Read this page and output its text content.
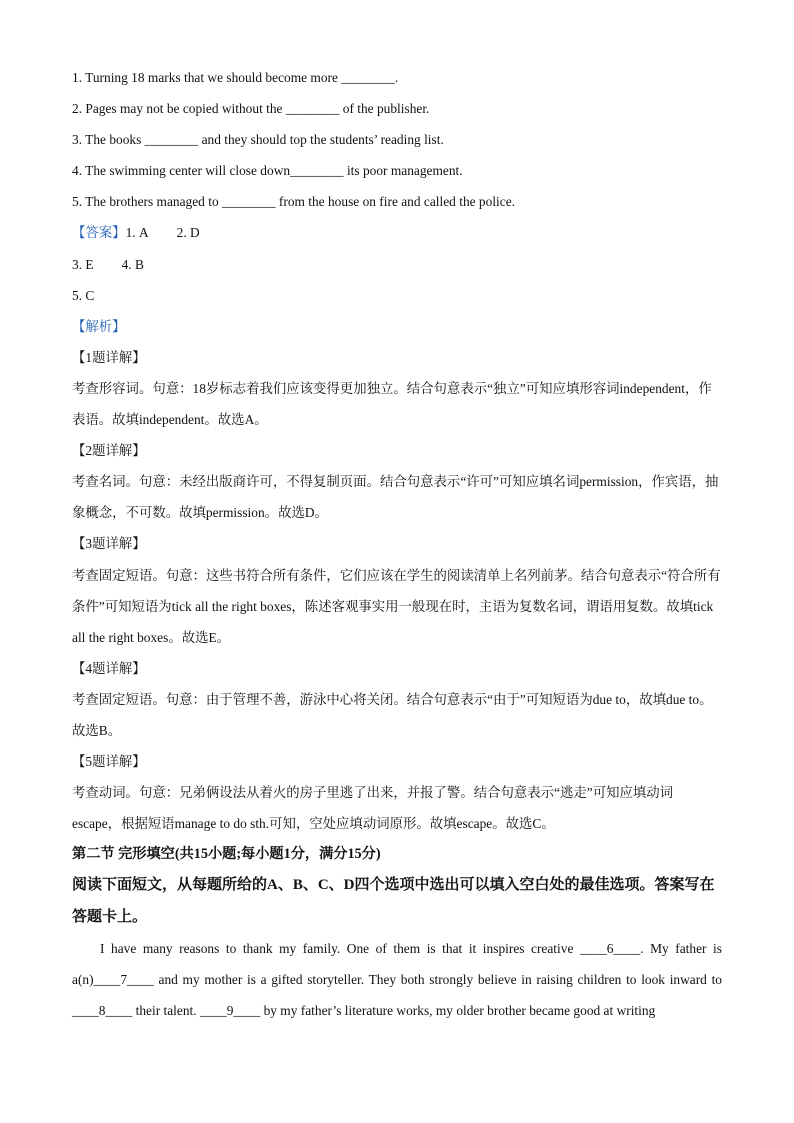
1. Turning 18 marks that we should become more ________.
2. Pages may not be copied without the ________ of the publisher.
3. The books ________ and they should top the students’ reading list.
4. The swimming center will close down________ its poor management.
5. The brothers managed to ________ from the house on fire and called the police.
【答案】1. A 2. D
3. E 4. B
5. C
【解析】
【1题详解】
考查形容词。句意：18岁标志着我们应该变得更加独立。结合句意表示“独立”可知应填形容词independent，作表语。故填independent。故选A。
【2题详解】
考查名词。句意：未经出版商许可，不得复制页面。结合句意表示“许可”可知应填名词permission，作宾语，抽象概念，不可数。故填permission。故选D。
【3题详解】
考查固定短语。句意：这些书符合所有条件，它们应该在学生的阅读清单上名列前茅。结合句意表示“符合所有条件”可知短语为tick all the right boxes，陈述客观事实用一般现在时，主语为复数名词，谓语用复数。故填tick all the right boxes。故选E。
【4题详解】
考查固定短语。句意：由于管理不善，游泳中心将关闭。结合句意表示“由于”可知短语为due to，故填due to。故选B。
【5题详解】
考查动词。句意：兄弟俩设法从着火的房子里逃了出来，并报了警。结合句意表示“逃走”可知应填动词escape，根据短语manage to do sth.可知，空处应填动词原形。故填escape。故选C。
第二节 完形填空(共15小题;每小题1分，满分15分)
阅读下面短文，从每题所给的A、B、C、D四个选项中选出可以填入空白处的最佳选项。答案写在答题卡上。
I have many reasons to thank my family. One of them is that it inspires creative ____6____. My father is a(n)____7____ and my mother is a gifted storyteller. They both strongly believe in raising children to look inward to ____8____ their talent. ____9____ by my father’s literature works, my older brother became good at writing
